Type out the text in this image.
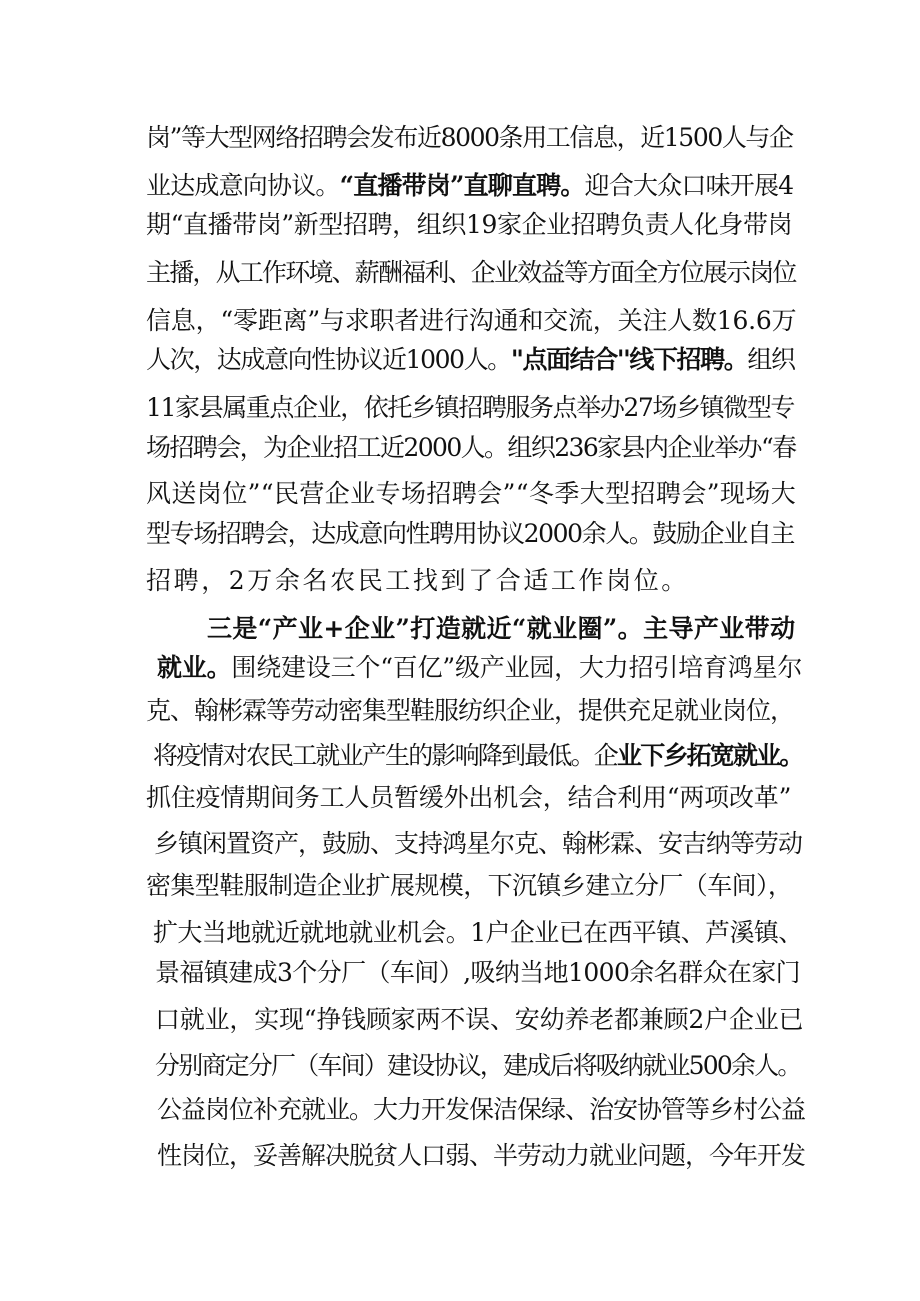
岗”等大型网络招聘会发布近8000条用工信息，近1500人与企
业达成意向协议。“直播带岗”直聊直聘。迎合大众口味开展4
期“直播带岗”新型招聘，组织19家企业招聘负责人化身带岗
主播，从工作环境、薪酬福利、企业效益等方面全方位展示岗位
信息，“零距离”与求职者进行沟通和交流，关注人数16.6万
人次，达成意向性协议近1000人。"点面结合''线下招聘。组织
11家县属重点企业，依托乡镇招聘服务点举办27场乡镇微型专
场招聘会，为企业招工近2000人。组织236家县内企业举办“春
风送岗位”“民营企业专场招聘会”“冬季大型招聘会”现场大
型专场招聘会，达成意向性聘用协议2000余人。鼓励企业自主
招聘，2万余名农民工找到了合适工作岗位。
三是“产业+企业”打造就近“就业圈”。主导产业带动
就业。围绕建设三个“百亿”级产业园，大力招引培育鸿星尔
克、翰彬霖等劳动密集型鞋服纺织企业，提供充足就业岗位，
将疫情对农民工就业产生的影响降到最低。企业下乡拓宽就业。
抓住疫情期间务工人员暂缓外出机会，结合利用“两项改革”
乡镇闲置资产，鼓励、支持鸿星尔克、翰彬霖、安吉纳等劳动
密集型鞋服制造企业扩展规模，下沉镇乡建立分厂（车间），
扩大当地就近就地就业机会。1户企业已在西平镇、芦溪镇、
景福镇建成3个分厂（车间）,吸纳当地1000余名群众在家门
口就业，实现“挣钱顾家两不误、安幼养老都兼顾2户企业已
分别商定分厂（车间）建设协议，建成后将吸纳就业500余人。
公益岗位补充就业。大力开发保洁保绿、治安协管等乡村公益
性岗位，妥善解决脱贫人口弱、半劳动力就业问题，今年开发
